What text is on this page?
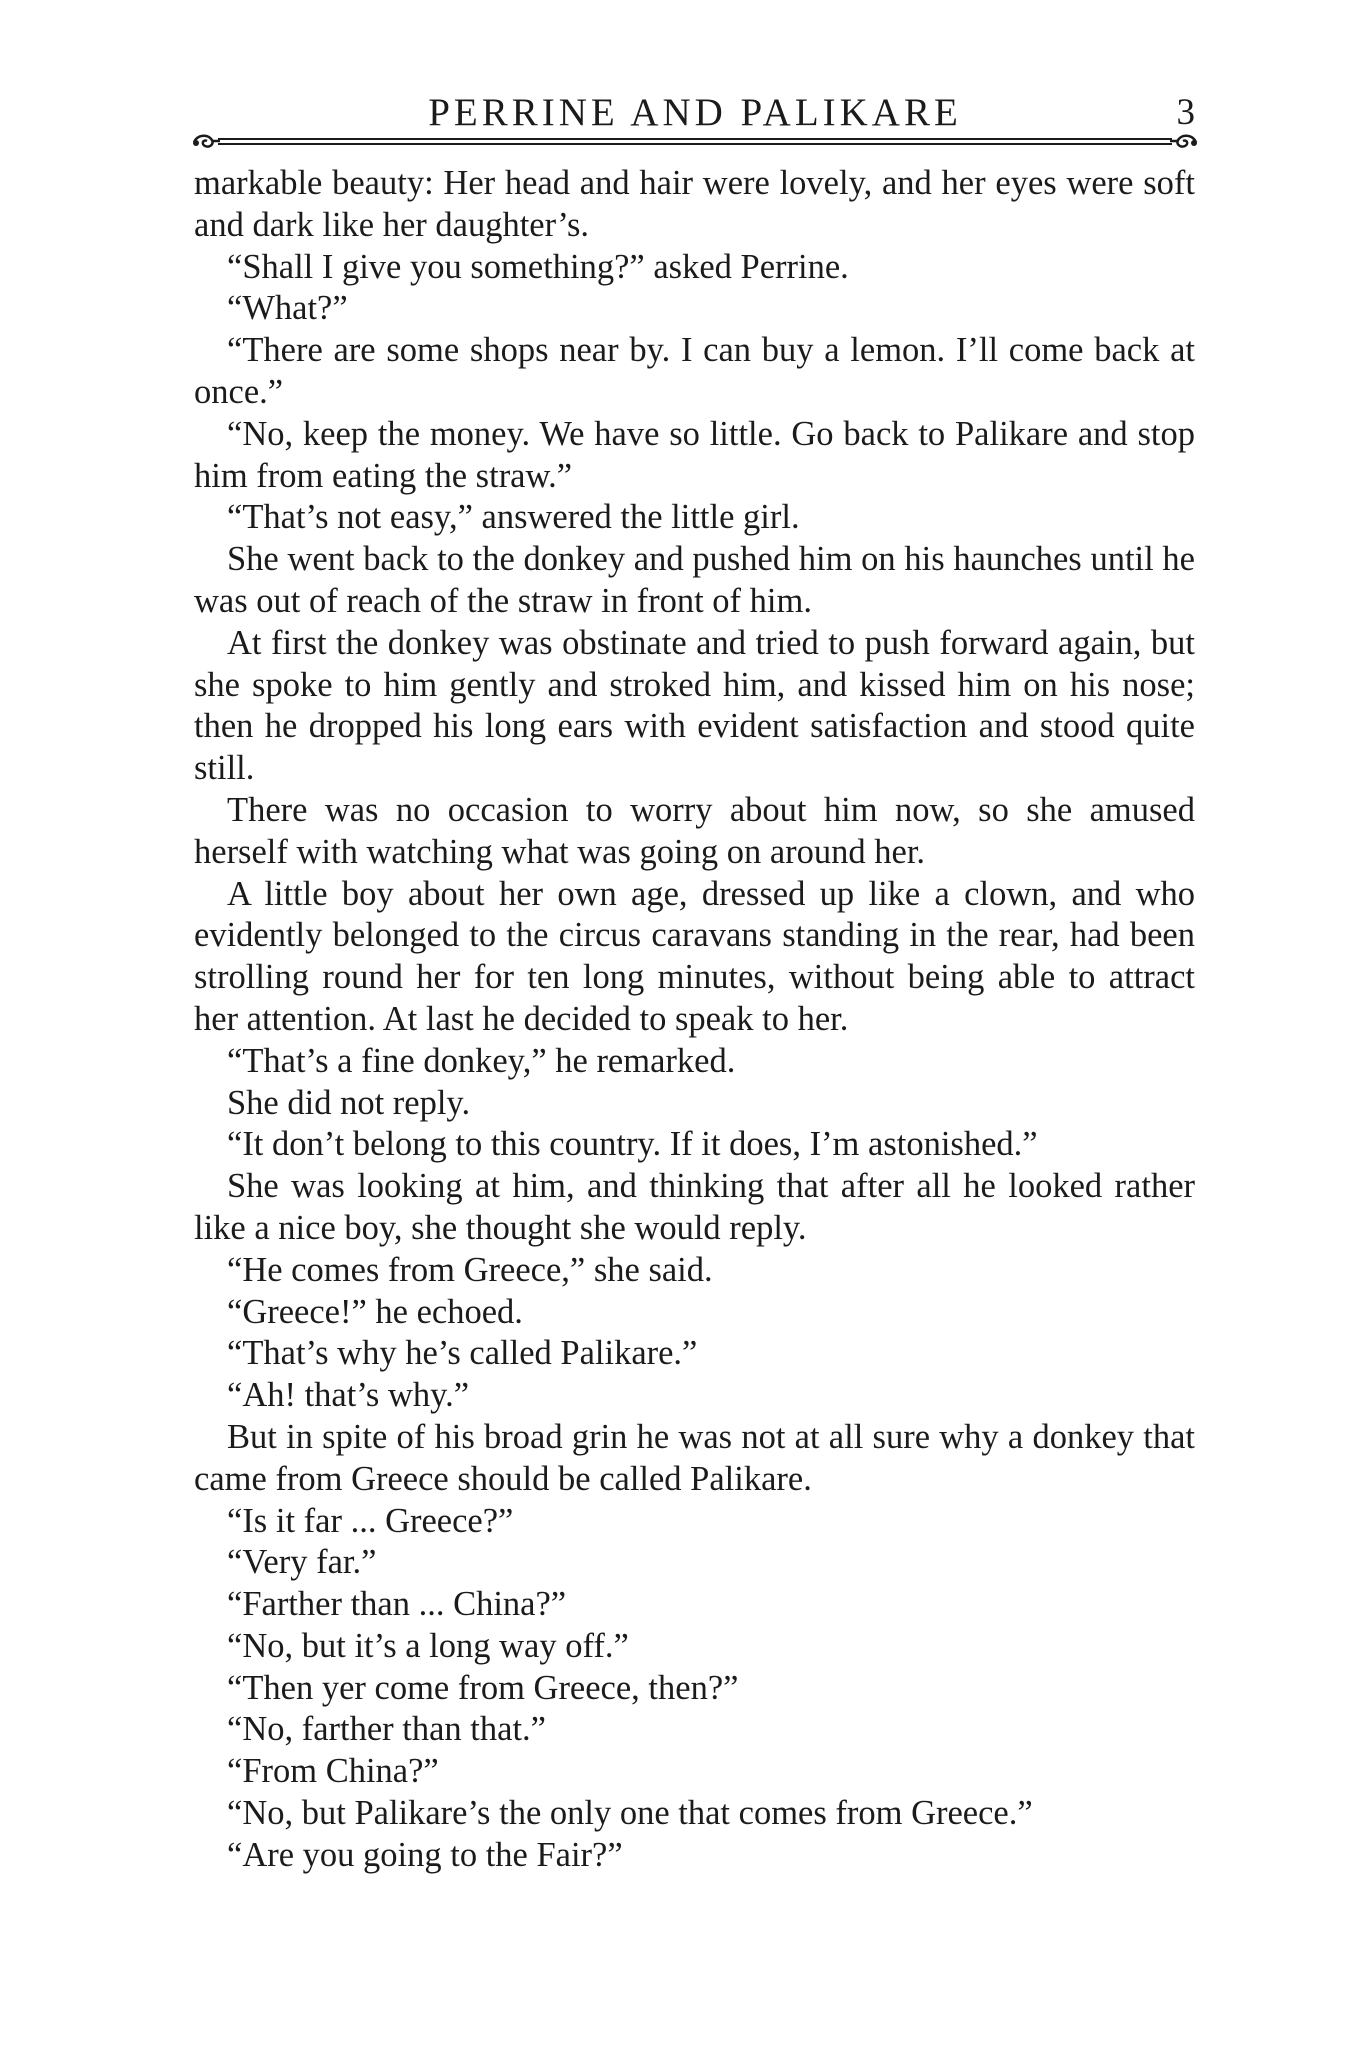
PERRINE AND PALIKARE	3

markable beauty: Her head and hair were lovely, and her eyes were soft and dark like her daughter’s.

“Shall I give you something?” asked Perrine.

“What?”

“There are some shops near by. I can buy a lemon. I’ll come back at once.”

“No, keep the money. We have so little. Go back to Palikare and stop him from eating the straw.”

“That’s not easy,” answered the little girl.

She went back to the donkey and pushed him on his haunches until he was out of reach of the straw in front of him.

At first the donkey was obstinate and tried to push forward again, but she spoke to him gently and stroked him, and kissed him on his nose; then he dropped his long ears with evident satisfaction and stood quite still.

There was no occasion to worry about him now, so she amused herself with watching what was going on around her.

A little boy about her own age, dressed up like a clown, and who evidently belonged to the circus caravans standing in the rear, had been strolling round her for ten long minutes, without being able to attract her attention. At last he decided to speak to her.

“That’s a fine donkey,” he remarked.

She did not reply.

“It don’t belong to this country. If it does, I’m astonished.”

She was looking at him, and thinking that after all he looked rather like a nice boy, she thought she would reply.

“He comes from Greece,” she said.

“Greece!” he echoed.

“That’s why he’s called Palikare.”

“Ah! that’s why.”

But in spite of his broad grin he was not at all sure why a donkey that came from Greece should be called Palikare.

“Is it far ... Greece?”

“Very far.”

“Farther than ... China?”

“No, but it’s a long way off.”

“Then yer come from Greece, then?”

“No, farther than that.”

“From China?”

“No, but Palikare’s the only one that comes from Greece.”

“Are you going to the Fair?”
